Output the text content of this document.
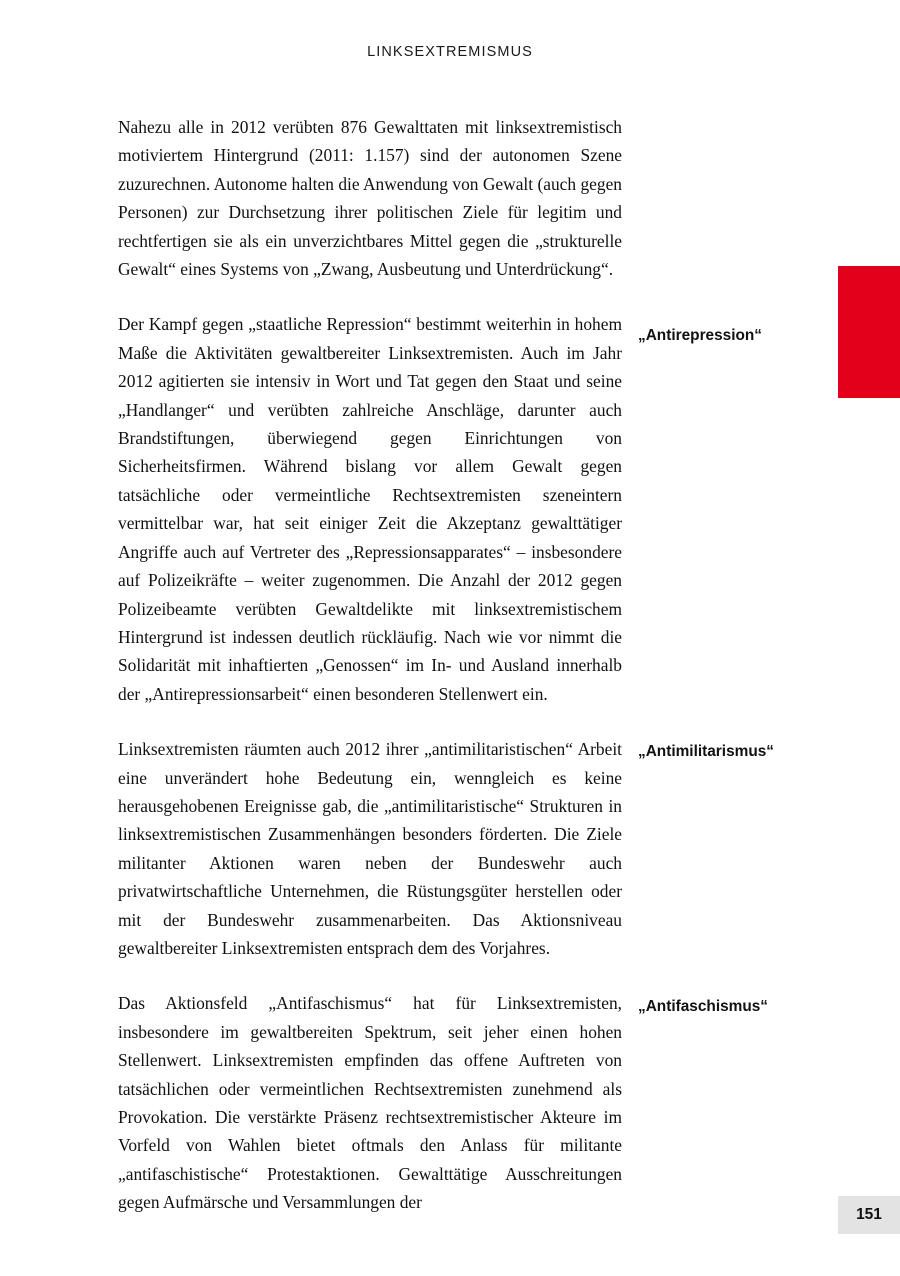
LINKSEXTREMISMUS

Nahezu alle in 2012 verübten 876 Gewalttaten mit linksextremistisch motiviertem Hintergrund (2011: 1.157) sind der autonomen Szene zuzurechnen. Autonome halten die Anwendung von Gewalt (auch gegen Personen) zur Durchsetzung ihrer politischen Ziele für legitim und rechtfertigen sie als ein unverzichtbares Mittel gegen die „strukturelle Gewalt“ eines Systems von „Zwang, Ausbeutung und Unterdrückung“.

Der Kampf gegen „staatliche Repression“ bestimmt weiterhin in hohem Maße die Aktivitäten gewaltbereiter Linksextremisten. Auch im Jahr 2012 agitierten sie intensiv in Wort und Tat gegen den Staat und seine „Handlanger“ und verübten zahlreiche Anschläge, darunter auch Brandstiftungen, überwiegend gegen Einrichtungen von Sicherheitsfirmen. Während bislang vor allem Gewalt gegen tatsächliche oder vermeintliche Rechtsextremisten szeneintern vermittelbar war, hat seit einiger Zeit die Akzeptanz gewalttätiger Angriffe auch auf Vertreter des „Repressionsapparates“ – insbesondere auf Polizeikräfte – weiter zugenommen. Die Anzahl der 2012 gegen Polizeibeamte verübten Gewaltdelikte mit linksextremistischem Hintergrund ist indessen deutlich rückläufig. Nach wie vor nimmt die Solidarität mit inhaftierten „Genossen“ im In- und Ausland innerhalb der „Antirepressionsarbeit“ einen besonderen Stellenwert ein.

Linksextremisten räumten auch 2012 ihrer „antimilitaristischen“ Arbeit eine unverändert hohe Bedeutung ein, wenngleich es keine herausgehobenen Ereignisse gab, die „antimilitaristische“ Strukturen in linksextremistischen Zusammenhängen besonders förderten. Die Ziele militanter Aktionen waren neben der Bundeswehr auch privatwirtschaftliche Unternehmen, die Rüstungsgüter herstellen oder mit der Bundeswehr zusammenarbeiten. Das Aktionsniveau gewaltbereiter Linksextremisten entsprach dem des Vorjahres.

Das Aktionsfeld „Antifaschismus“ hat für Linksextremisten, insbesondere im gewaltbereiten Spektrum, seit jeher einen hohen Stellenwert. Linksextremisten empfinden das offene Auftreten von tatsächlichen oder vermeintlichen Rechtsextremisten zunehmend als Provokation. Die verstärkte Präsenz rechtsextremistischer Akteure im Vorfeld von Wahlen bietet oftmals den Anlass für militante „antifaschistische“ Protestaktionen. Gewalttätige Ausschreitungen gegen Aufmärsche und Versammlungen der

„Antirepression“
„Antimilitarismus“
„Antifaschismus“
151
